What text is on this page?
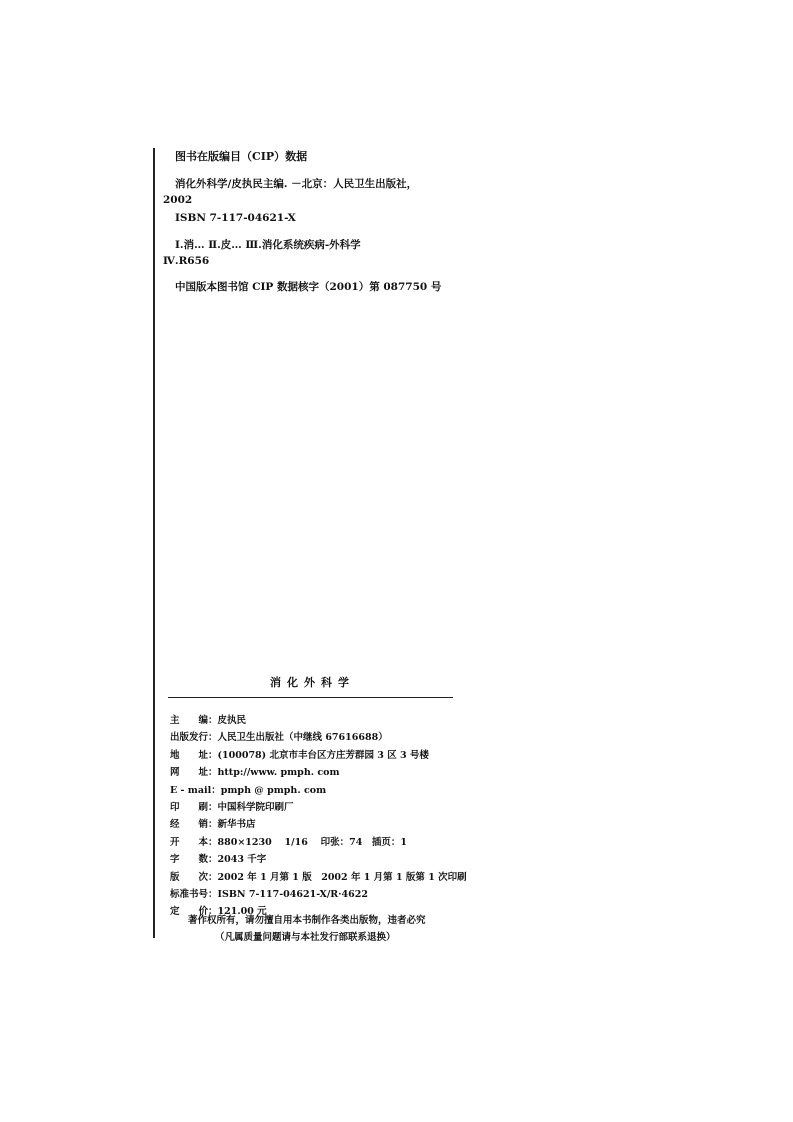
图书在版编目（CIP）数据
消化外科学/皮执民主编. －北京：人民卫生出版社，
2002
ISBN 7-117-04621-X
Ⅰ.消… Ⅱ.皮… Ⅲ.消化系统疾病-外科学
Ⅳ.R656
中国版本图书馆 CIP 数据核字（2001）第 087750 号
消化外科学
主　　编：皮执民
出版发行：人民卫生出版社（中继线 67616688）
地　　址：(100078) 北京市丰台区方庄芳群园 3 区 3 号楼
网　　址：http://www. pmph. com
E - mail：pmph @ pmph. com
印　　刷：中国科学院印刷厂
经　　销：新华书店
开　　本：880×1230　 1/16　 印张：74　插页：1
字　　数：2043 千字
版　　次：2002 年 1 月第 1 版　2002 年 1 月第 1 版第 1 次印刷
标准书号：ISBN 7-117-04621-X/R·4622
定　　价：121.00 元
著作权所有，请勿擅自用本书制作各类出版物，违者必究
（凡属质量问题请与本社发行部联系退换）
